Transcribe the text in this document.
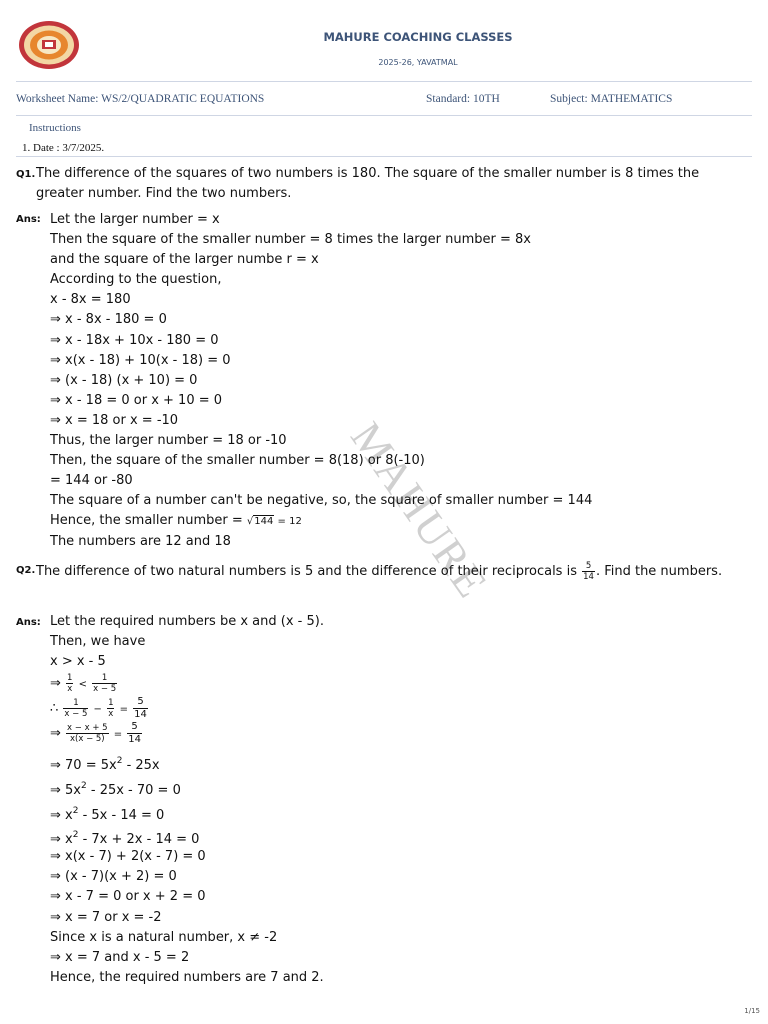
MAHURE COACHING CLASSES
2025-26, YAVATMAL
Worksheet Name: WS/2/QUADRATIC EQUATIONS	Standard: 10TH	Subject: MATHEMATICS
Instructions
1. Date : 3/7/2025.
MAHURE
Q1. The difference of the squares of two numbers is 180. The square of the smaller number is 8 times the greater number. Find the two numbers.
Ans: Let the larger number = x
Then the square of the smaller number = 8 times the larger number = 8x
and the square of the larger numbe r = x
According to the question,
x - 8x = 180
⇒ x - 8x - 180 = 0
⇒ x - 18x + 10x - 180 = 0
⇒ x(x - 18) + 10(x - 18) = 0
⇒ (x - 18) (x + 10) = 0
⇒ x - 18 = 0 or x + 10 = 0
⇒ x = 18 or x = -10
Thus, the larger number = 18 or -10
Then, the square of the smaller number = 8(18) or 8(-10)
= 144 or -80
The square of a number can't be negative, so, the square of smaller number = 144
Hence, the smaller number = √144 = 12
The numbers are 12 and 18
Q2. The difference of two natural numbers is 5 and the difference of their reciprocals is $\frac{5}{14}$ . Find the numbers.
Ans: Let the required numbers be x and (x - 5).
Then, we have
x > x - 5
⇒ $\frac{1}{x} < \frac{1}{x - 5}$
∴ $\frac{1}{x - 5} - \frac{1}{x} = \frac{5}{14}$
⇒ $\frac{x - x + 5}{x(x - 5)} = \frac{5}{14}$
⇒ $70 = 5x^2 - 25x$
⇒ $5x^2 - 25x - 70 = 0$
⇒ $x^2 - 5x - 14 = 0$
⇒ $x^2 - 7x + 2x - 14 = 0$
⇒ x(x - 7) + 2(x - 7) = 0
⇒ (x - 7)(x + 2) = 0
⇒ x - 7 = 0 or x + 2 = 0
⇒ x = 7 or x = -2
Since x is a natural number, x ≠ -2
⇒ x = 7 and x - 5 = 2
Hence, the required numbers are 7 and 2.
1/15
